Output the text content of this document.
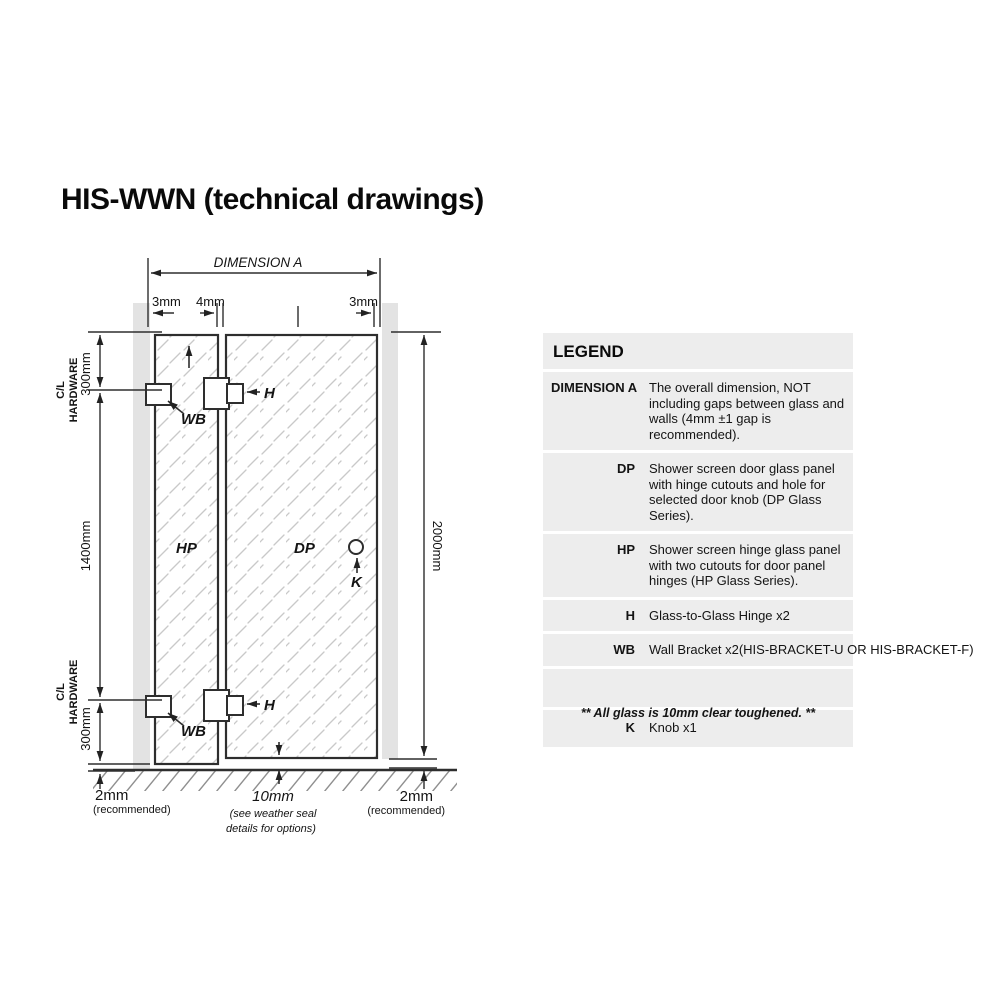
HIS-WWN (technical drawings)
HP	DP
K
H
H
WB
WB
DIMENSION A
3mm 4mm	3mm
C/L HARDWARE
300mm
1400mm
C/L HARDWARE
300mm
2mm
(recommended)
2000mm
2mm
(recommended)
10mm
(see weather seal
details for options)
LEGEND
DIMENSION A The overall dimension, NOT including gaps between glass and walls (4mm ±1 gap is recommended).
DP Shower screen door glass panel with hinge cutouts and hole for selected door knob (DP Glass Series).
HP Shower screen hinge glass panel with two cutouts for door panel hinges (HP Glass Series).
H Glass-to-Glass Hinge x2
WB Wall Bracket x2(HIS-BRACKET-U OR HIS-BRACKET-F)
K Knob x1
** All glass is 10mm clear toughened. **
